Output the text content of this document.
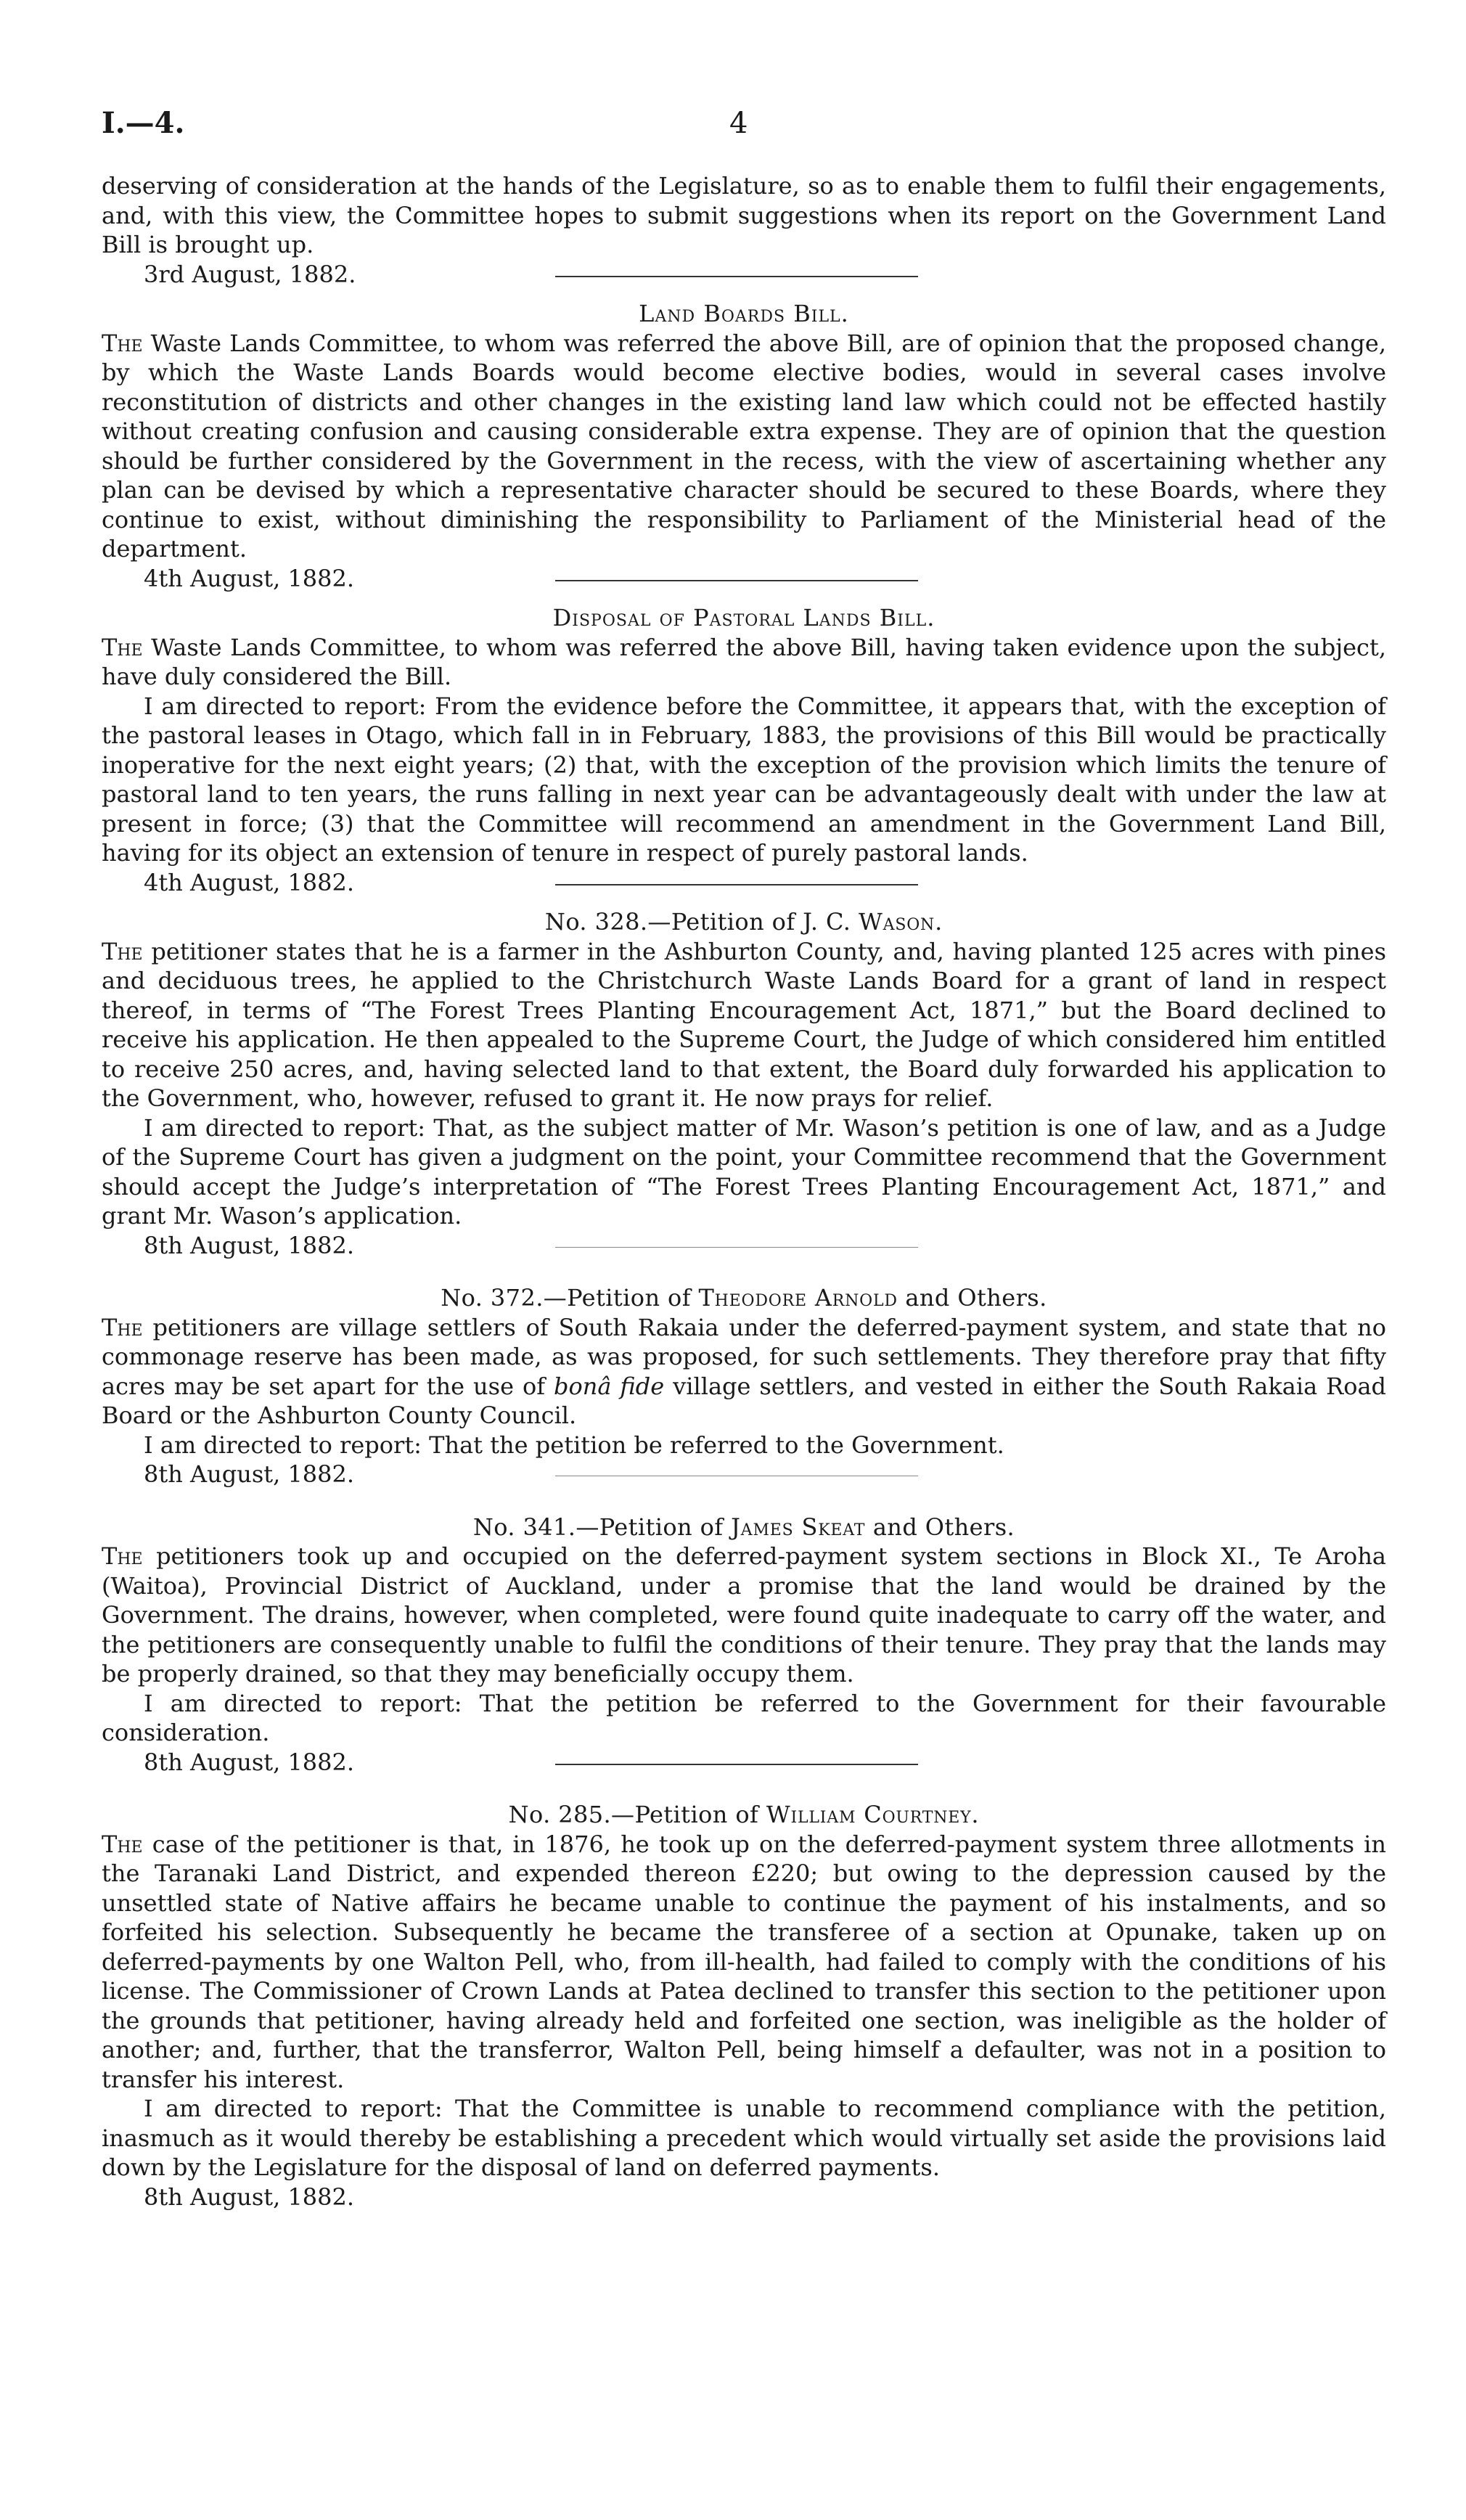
I.—4.	4

deserving of consideration at the hands of the Legislature, so as to enable them to fulfil their engagements, and, with this view, the Committee hopes to submit suggestions when its report on the Government Land Bill is brought up.

3rd August, 1882.
Land Boards Bill.

The Waste Lands Committee, to whom was referred the above Bill, are of opinion that the proposed change, by which the Waste Lands Boards would become elective bodies, would in several cases involve reconstitution of districts and other changes in the existing land law which could not be effected hastily without creating confusion and causing considerable extra expense. They are of opinion that the question should be further considered by the Government in the recess, with the view of ascertaining whether any plan can be devised by which a representative character should be secured to these Boards, where they continue to exist, without diminishing the responsibility to Parliament of the Ministerial head of the department.

4th August, 1882.
Disposal of Pastoral Lands Bill.

The Waste Lands Committee, to whom was referred the above Bill, having taken evidence upon the subject, have duly considered the Bill.

I am directed to report: From the evidence before the Committee, it appears that, with the exception of the pastoral leases in Otago, which fall in in February, 1883, the provisions of this Bill would be practically inoperative for the next eight years; (2) that, with the exception of the provision which limits the tenure of pastoral land to ten years, the runs falling in next year can be advantageously dealt with under the law at present in force; (3) that the Committee will recommend an amendment in the Government Land Bill, having for its object an extension of tenure in respect of purely pastoral lands.

4th August, 1882.
No. 328.—Petition of J. C. Wason.

The petitioner states that he is a farmer in the Ashburton County, and, having planted 125 acres with pines and deciduous trees, he applied to the Christchurch Waste Lands Board for a grant of land in respect thereof, in terms of “The Forest Trees Planting Encouragement Act, 1871,” but the Board declined to receive his application. He then appealed to the Supreme Court, the Judge of which considered him entitled to receive 250 acres, and, having selected land to that extent, the Board duly forwarded his application to the Government, who, however, refused to grant it. He now prays for relief.

I am directed to report: That, as the subject matter of Mr. Wason’s petition is one of law, and as a Judge of the Supreme Court has given a judgment on the point, your Committee recommend that the Government should accept the Judge’s interpretation of “The Forest Trees Planting Encouragement Act, 1871,” and grant Mr. Wason’s application.

8th August, 1882.
No. 372.—Petition of Theodore Arnold and Others.

The petitioners are village settlers of South Rakaia under the deferred-payment system, and state that no commonage reserve has been made, as was proposed, for such settlements. They therefore pray that fifty acres may be set apart for the use of bonâ fide village settlers, and vested in either the South Rakaia Road Board or the Ashburton County Council.

I am directed to report: That the petition be referred to the Government.

8th August, 1882.
No. 341.—Petition of James Skeat and Others.

The petitioners took up and occupied on the deferred-payment system sections in Block XI., Te Aroha (Waitoa), Provincial District of Auckland, under a promise that the land would be drained by the Government. The drains, however, when completed, were found quite inadequate to carry off the water, and the petitioners are consequently unable to fulfil the conditions of their tenure. They pray that the lands may be properly drained, so that they may beneficially occupy them.

I am directed to report: That the petition be referred to the Government for their favourable consideration.

8th August, 1882.
No. 285.—Petition of William Courtney.

The case of the petitioner is that, in 1876, he took up on the deferred-payment system three allotments in the Taranaki Land District, and expended thereon £220; but owing to the depression caused by the unsettled state of Native affairs he became unable to continue the payment of his instalments, and so forfeited his selection. Subsequently he became the transferee of a section at Opunake, taken up on deferred-payments by one Walton Pell, who, from ill-health, had failed to comply with the conditions of his license. The Commissioner of Crown Lands at Patea declined to transfer this section to the petitioner upon the grounds that petitioner, having already held and forfeited one section, was ineligible as the holder of another; and, further, that the transferror, Walton Pell, being himself a defaulter, was not in a position to transfer his interest.

I am directed to report: That the Committee is unable to recommend compliance with the petition, inasmuch as it would thereby be establishing a precedent which would virtually set aside the provisions laid down by the Legislature for the disposal of land on deferred payments.

8th August, 1882.
